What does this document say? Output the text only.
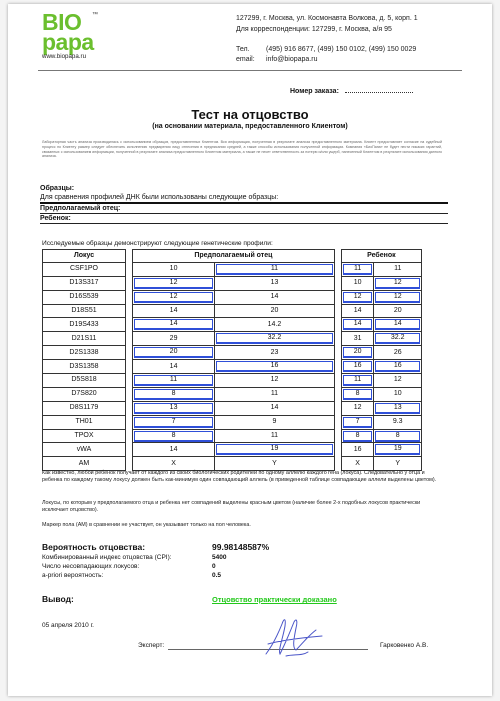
BIO
papa
™
www.biopapa.ru
127299, г. Москва, ул. Космонавта Волкова, д. 5, корп. 1
Для корреспонденции: 127299, г. Москва, а/я 95
Тел. (495) 916 8677, (499) 150 0102, (499) 150 0029
email: info@biopapa.ru
Номер заказа:
Тест на отцовство
(на основании материала, предоставленного Клиентом)
Лабораторная часть анализа производилась с использованием образцов, предоставленных Клиентом. Вся информация, полученная в результате анализа предоставленного материала. Клиент предоставляет согласие на судебный процесс по Клиенту размер следует обеспечить исполнению предварения лицу отнесения в предписании средней, а также способы использования полученной информации. Компания «БиоПапа» не будет нести никаких гарантий, связанных с использованием информации, полученной в результате анализа предоставленного Клиентом материала, а также не несет ответственность за потерю и/или ущерб, нанесенный Клиентом в результате использования данного анализа.
Образцы:
Для сравнения профилей ДНК были использованы следующие образцы:
Предполагаемый отец:
Ребенок:
Исследуемые образцы демонстрируют следующие генетические профили:
Локус		Предполагаемый отец			Ребенок	

CSF1PO		10	11		11	11

D13S317		12	13		10	12

D16S539		12	14		12	12

D18S51		14	20		14	20

D19S433		14	14.2		14	14

D21S11		29	32.2		31	32.2

D2S1338		20	23		20	26

D3S1358		14	16		16	16

D5S818		11	12		11	12

D7S820		8	11		8	10

D8S1179		13	14		12	13

TH01		7	9		7	9.3

TPOX		8	11		8	8

vWA		14	19		16	19

AM		X	Y		X	Y
Как известно, любой ребенок получает от каждого из своих биологических родителей по одному аллелю каждого гена (локуса). Следовательно у отца и ребенка по каждому такому локусу должен быть как-минимум один совпадающий аллель (в приведенной таблице совпадающие аллели выделены цветом).
Локусы, по которым у предполагаемого отца и ребенка нет совпадений выделены красным цветом (наличие более 2-х подобных локусов практически исключает отцовство).
Маркер пола (AM) в сравнении не участвует, он указывает только на пол человека.
Вероятность отцовства:	99.98148587%
Комбинированный индекс отцовства (CPI):	5400
Число несовпадающих локусов:	0
a-priori вероятность:	0.5
Вывод:	Отцовство практически доказано
05 апреля 2010 г.
Эксперт:	Гарковенко А.В.
